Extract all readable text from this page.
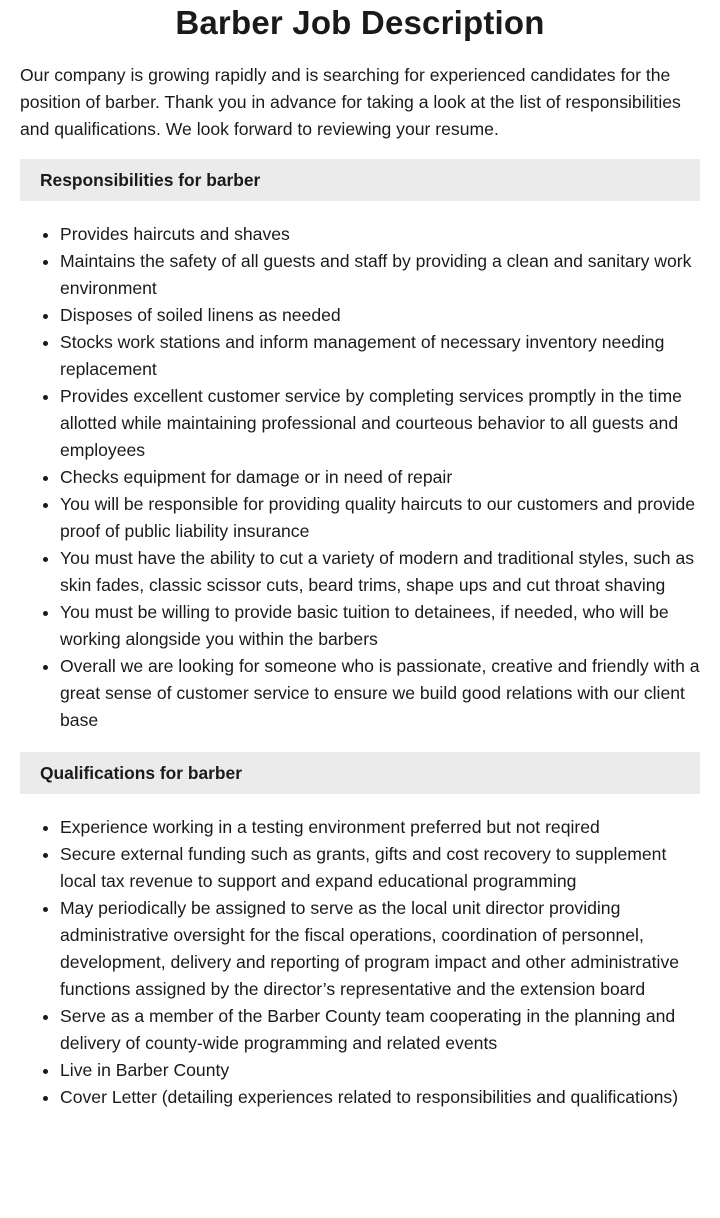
Barber Job Description

Our company is growing rapidly and is searching for experienced candidates for the position of barber. Thank you in advance for taking a look at the list of responsibilities and qualifications. We look forward to reviewing your resume.

Responsibilities for barber
• Provides haircuts and shaves
• Maintains the safety of all guests and staff by providing a clean and sanitary work environment
• Disposes of soiled linens as needed
• Stocks work stations and inform management of necessary inventory needing replacement
• Provides excellent customer service by completing services promptly in the time allotted while maintaining professional and courteous behavior to all guests and employees
• Checks equipment for damage or in need of repair
• You will be responsible for providing quality haircuts to our customers and provide proof of public liability insurance
• You must have the ability to cut a variety of modern and traditional styles, such as skin fades, classic scissor cuts, beard trims, shape ups and cut throat shaving
• You must be willing to provide basic tuition to detainees, if needed, who will be working alongside you within the barbers
• Overall we are looking for someone who is passionate, creative and friendly with a great sense of customer service to ensure we build good relations with our client base
Qualifications for barber
• Experience working in a testing environment preferred but not reqired
• Secure external funding such as grants, gifts and cost recovery to supplement local tax revenue to support and expand educational programming
• May periodically be assigned to serve as the local unit director providing administrative oversight for the fiscal operations, coordination of personnel, development, delivery and reporting of program impact and other administrative functions assigned by the director’s representative and the extension board
• Serve as a member of the Barber County team cooperating in the planning and delivery of county-wide programming and related events
• Live in Barber County
• Cover Letter (detailing experiences related to responsibilities and qualifications)
